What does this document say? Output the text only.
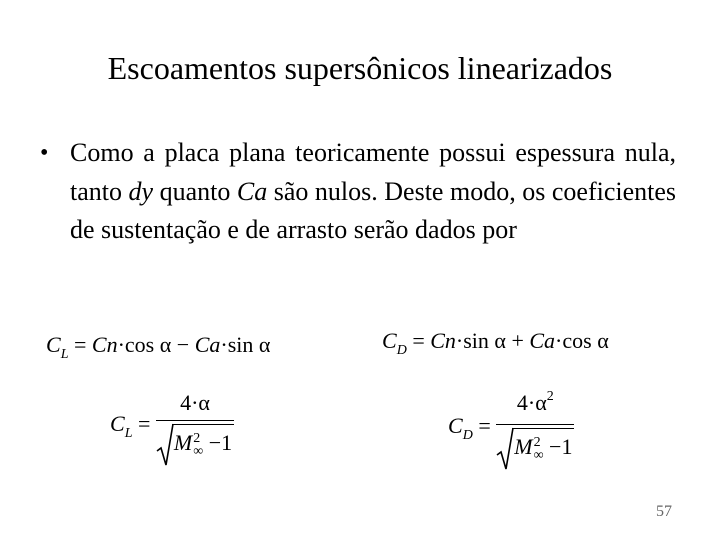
Escoamentos supersônicos linearizados
• Como a placa plana teoricamente possui espessura nula, tanto dy quanto Ca são nulos. Deste modo, os coeficientes de sustentação e de arrasto serão dados por

$C_L = Cn\cdot\cos$ α − Ca·sin α	$C_D = Cn\cdot\sin$ α + Ca·cos α
$C_L = 4\cdot\alpha$
M 2
∞ −1	$C_D = 4\cdot\alpha^2$
M 2
∞ −1
57
